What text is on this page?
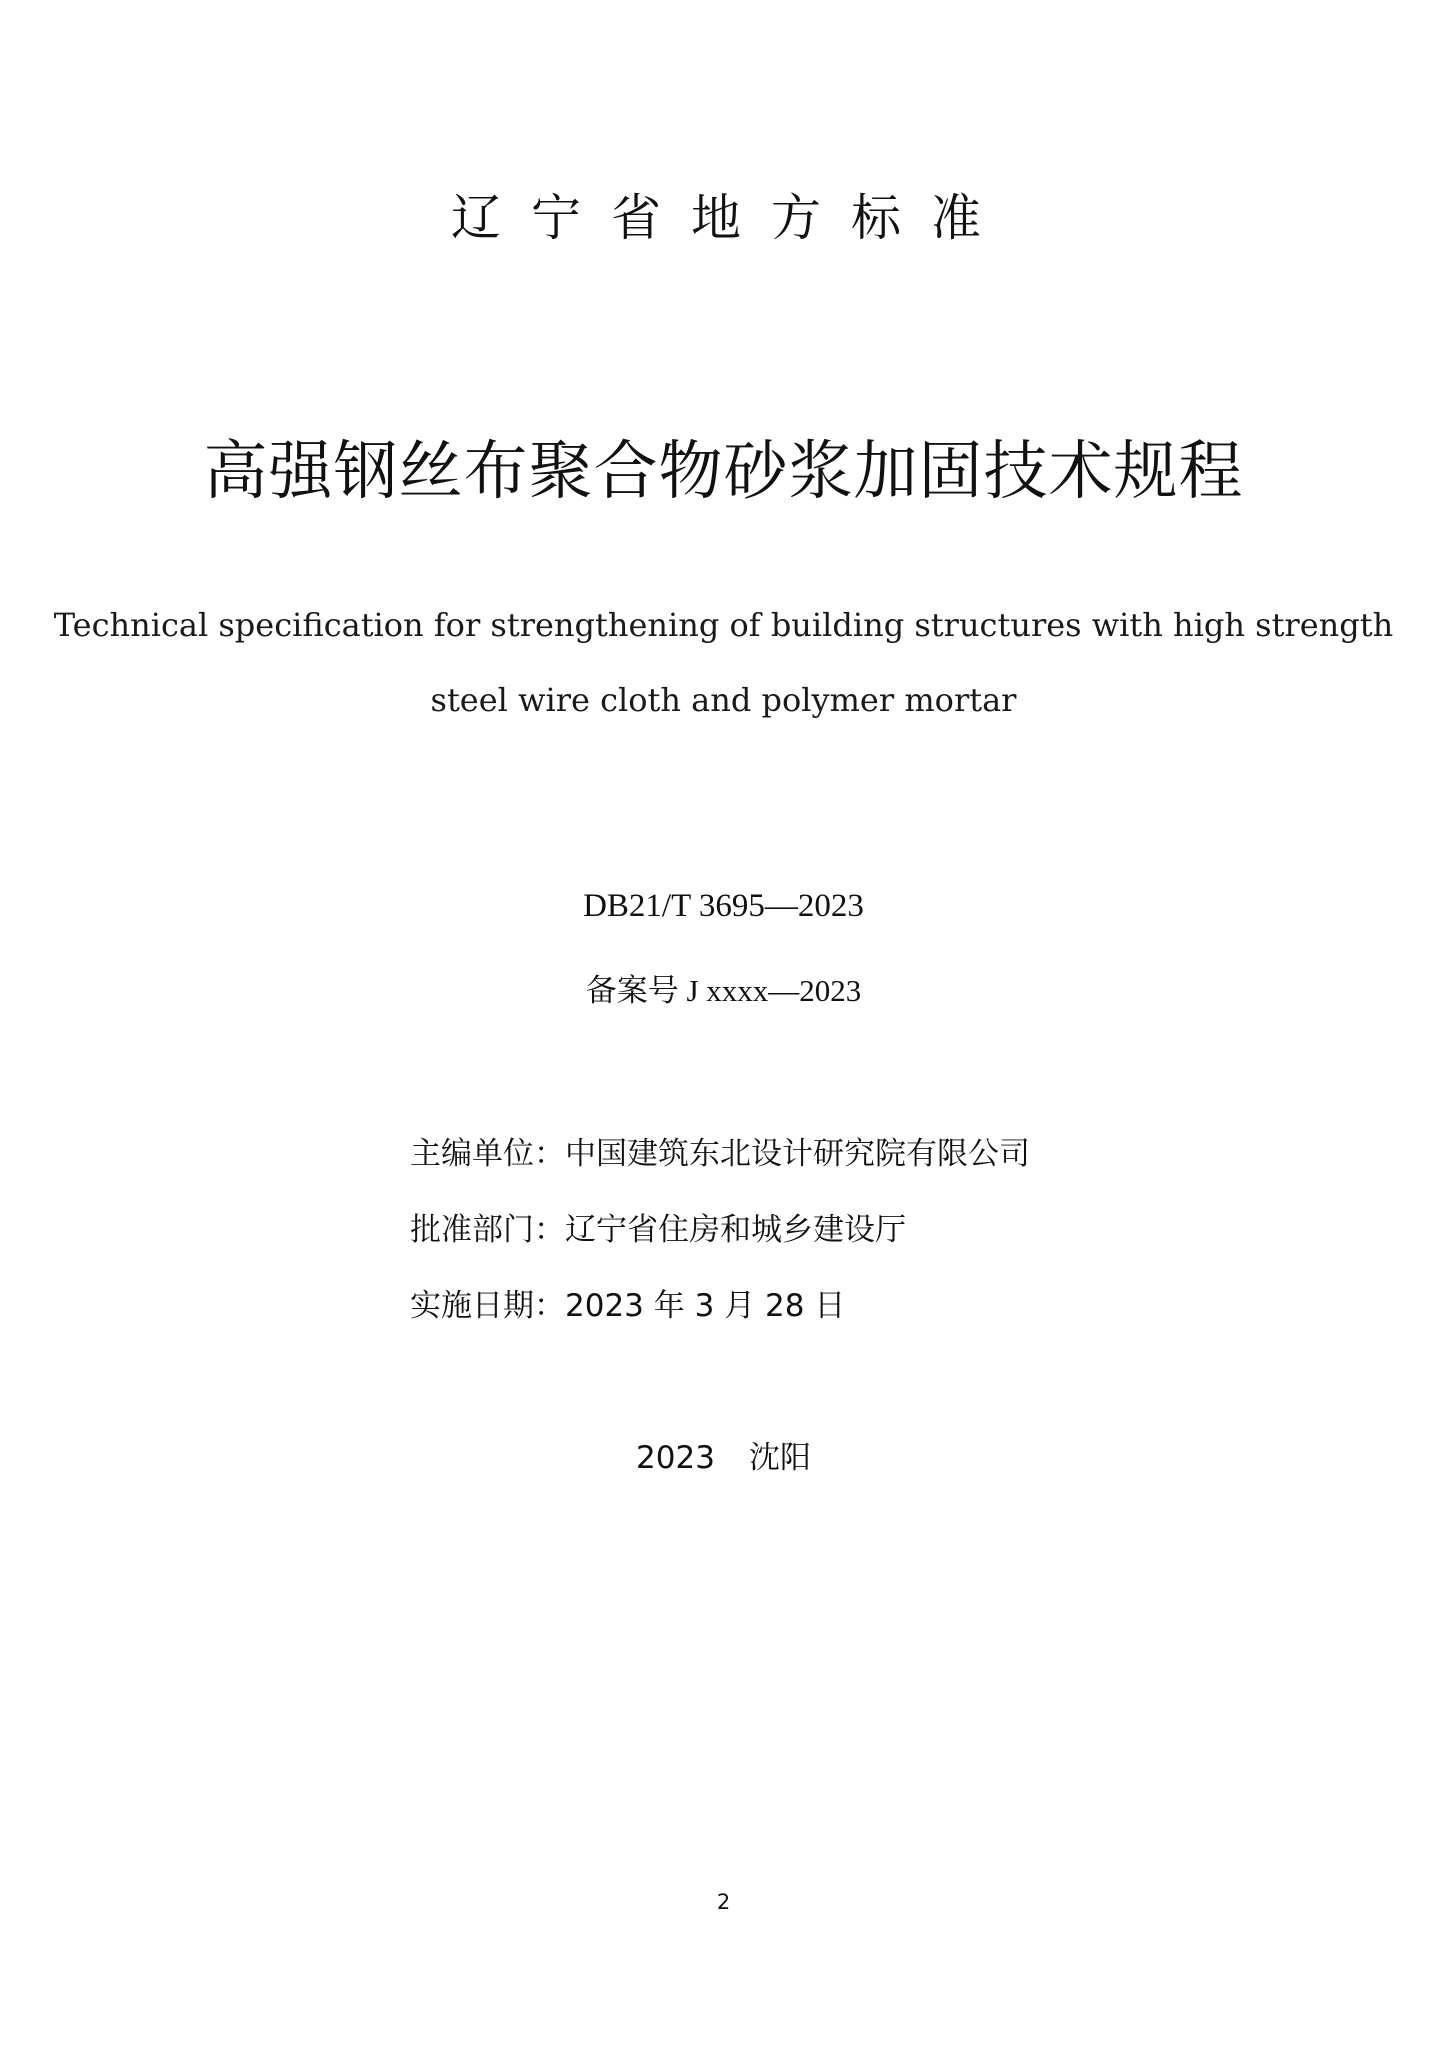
辽宁省地方标准
高强钢丝布聚合物砂浆加固技术规程
Technical specification for strengthening of building structures with high strength
steel wire cloth and polymer mortar
DB21/T 3695—2023
备案号 J xxxx—2023
主编单位：中国建筑东北设计研究院有限公司
批准部门：辽宁省住房和城乡建设厅
实施日期：2023 年 3 月 28 日
2023 沈阳
2
